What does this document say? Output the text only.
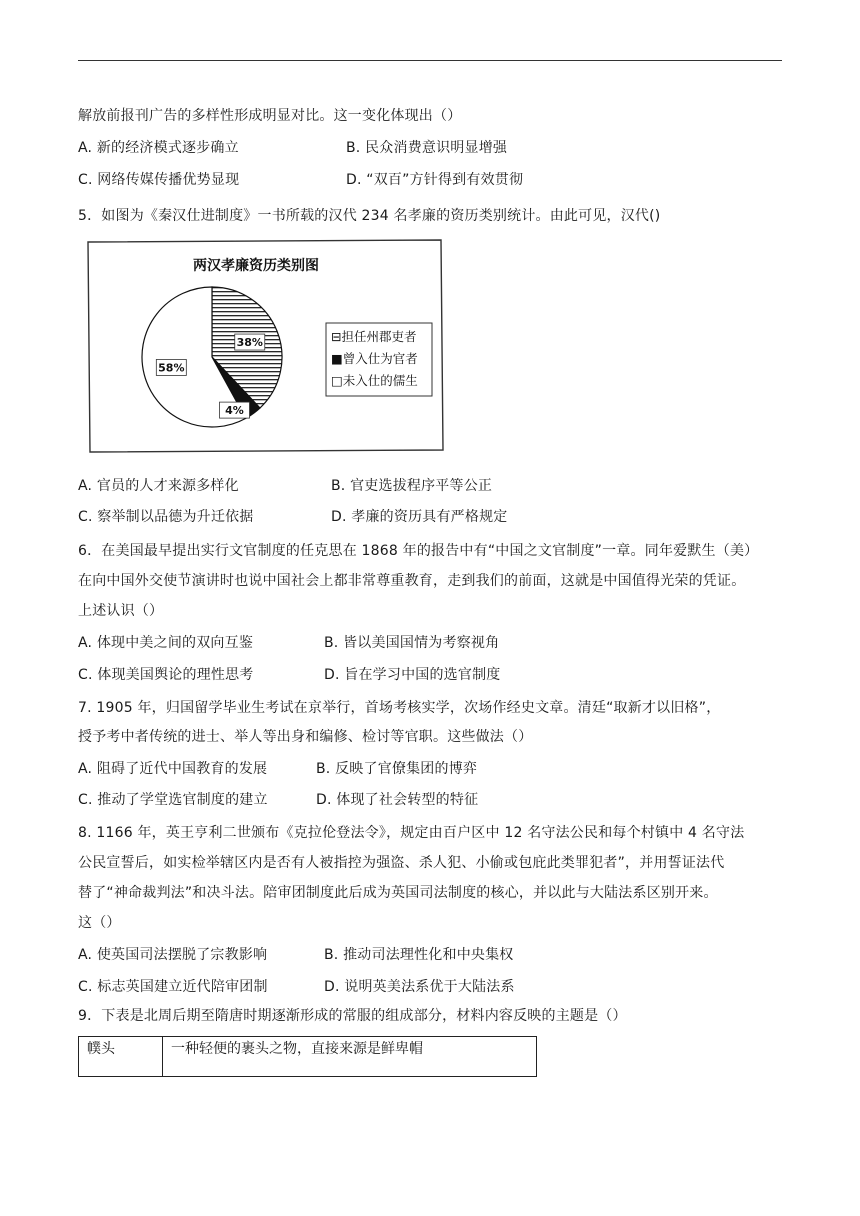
解放前报刊广告的多样性形成明显对比。这一变化体现出（）
A. 新的经济模式逐步确立	B. 民众消费意识明显增强
C. 网络传媒传播优势显现	D. “双百”方针得到有效贯彻
5．如图为《秦汉仕进制度》一书所载的汉代 234 名孝廉的资历类别统计。由此可见，汉代()
两汉孝廉资历类别图
38%
4%
58%
⊟担任州郡吏者
■曾入仕为官者
□未入仕的儒生
A. 官员的人才来源多样化	B. 官吏选拔程序平等公正
C. 察举制以品德为升迁依据	D. 孝廉的资历具有严格规定
6．在美国最早提出实行文官制度的任克思在 1868 年的报告中有“中国之文官制度”一章。同年爱默生（美）
在向中国外交使节演讲时也说中国社会上都非常尊重教育，走到我们的前面，这就是中国值得光荣的凭证。
上述认识（）
A. 体现中美之间的双向互鉴	B. 皆以美国国情为考察视角
C. 体现美国舆论的理性思考	D. 旨在学习中国的选官制度
7. 1905 年，归国留学毕业生考试在京举行，首场考核实学，次场作经史文章。清廷“取新才以旧格”，
授予考中者传统的进士、举人等出身和编修、检讨等官职。这些做法（）
A. 阻碍了近代中国教育的发展	B. 反映了官僚集团的博弈
C. 推动了学堂选官制度的建立	D. 体现了社会转型的特征
8. 1166 年，英王亨利二世颁布《克拉伦登法令》，规定由百户区中 12 名守法公民和每个村镇中 4 名守法
公民宣誓后，如实检举辖区内是否有人被指控为强盗、杀人犯、小偷或包庇此类罪犯者”，并用誓证法代
替了“神命裁判法”和决斗法。陪审团制度此后成为英国司法制度的核心，并以此与大陆法系区别开来。
这（）
A. 使英国司法摆脱了宗教影响	B. 推动司法理性化和中央集权
C. 标志英国建立近代陪审团制	D. 说明英美法系优于大陆法系
9．下表是北周后期至隋唐时期逐渐形成的常服的组成部分，材料内容反映的主题是（）
幞头	一种轻便的裹头之物，直接来源是鲜卑帽
